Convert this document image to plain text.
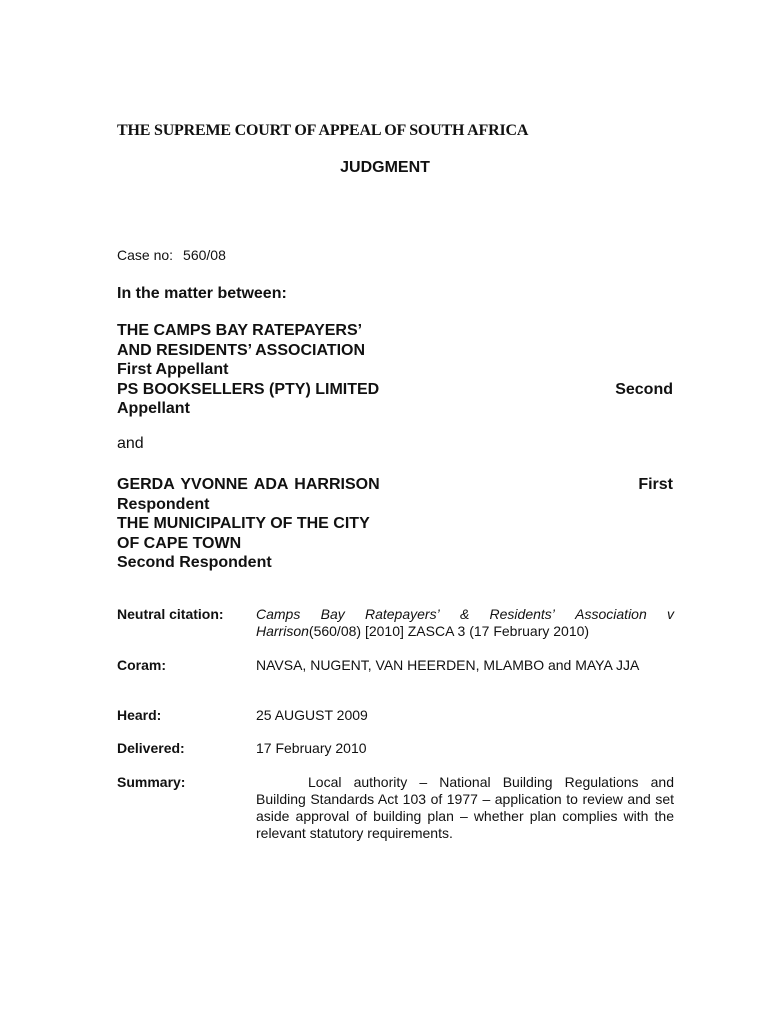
THE SUPREME COURT OF APPEAL OF SOUTH AFRICA
JUDGMENT
Case no: 560/08
In the matter between:
THE CAMPS BAY RATEPAYERS’
AND RESIDENTS’ ASSOCIATION
First Appellant
PS BOOKSELLERS (PTY) LIMITED	Second
Appellant
and
GERDA YVONNE ADA HARRISON	First
Respondent
THE MUNICIPALITY OF THE CITY
OF CAPE TOWN
Second Respondent
Neutral citation: Camps Bay Ratepayers’ & Residents’ Association v
Harrison(560/08) [2010] ZASCA 3 (17 February 2010)
Coram:	NAVSA, NUGENT, VAN HEERDEN, MLAMBO and MAYA JJA
Heard:	25 AUGUST 2009
Delivered:	17 February 2010
Summary:	Local authority – National Building Regulations and Building Standards Act 103 of 1977 – application to review and set aside approval of building plan – whether plan complies with the relevant statutory requirements.
